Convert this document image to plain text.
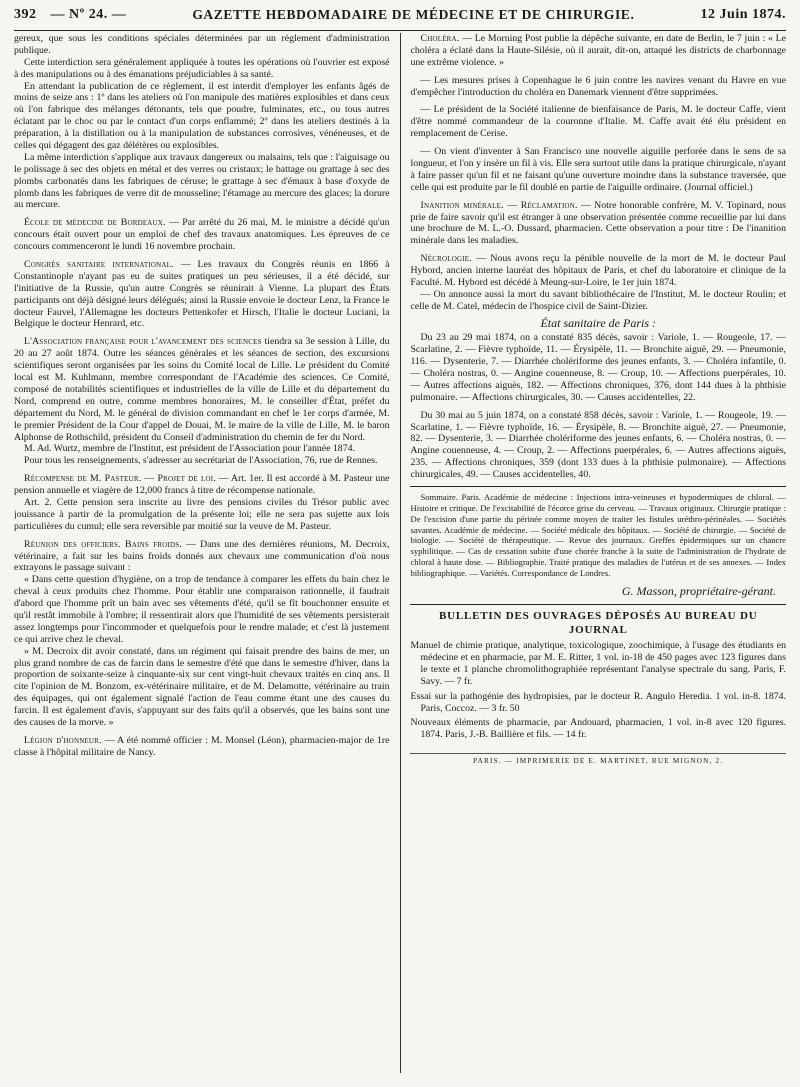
392 — Nº 24. —	GAZETTE HEBDOMADAIRE DE MÉDECINE ET DE CHIRURGIE.	12 Juin 1874.

gereux, que sous les conditions spéciales déterminées par un règlement d'administration publique.

Cette interdiction sera généralement appliquée à toutes les opérations où l'ouvrier est exposé à des manipulations ou à des émanations préjudiciables à sa santé.

En attendant la publication de ce règlement, il est interdit d'employer les enfants âgés de moins de seize ans : 1º dans les ateliers où l'on manipule des matières explosibles et dans ceux où l'on fabrique des mélanges détonants, tels que poudre, fulminates, etc., ou tous autres éclatant par le choc ou par le contact d'un corps enflammé; 2º dans les ateliers destinés à la préparation, à la distillation ou à la manipulation de substances corrosives, vénéneuses, et de celles qui dégagent des gaz délétères ou explosibles.

La même interdiction s'applique aux travaux dangereux ou malsains, tels que : l'aiguisage ou le polissage à sec des objets en métal et des verres ou cristaux; le battage ou grattage à sec des plombs carbonatés dans les fabriques de céruse; le grattage à sec d'émaux à base d'oxyde de plomb dans les fabriques de verre dit de mousseline; l'étamage au mercure des glaces; la dorure au mercure.

École de médecine de Bordeaux. — Par arrêté du 26 mai, M. le ministre a décidé qu'un concours était ouvert pour un emploi de chef des travaux anatomiques. Les épreuves de ce concours commenceront le lundi 16 novembre prochain.

Congrès sanitaire international. — Les travaux du Congrès réunis en 1866 à Constantinople n'ayant pas eu de suites pratiques un peu sérieuses, il a été décidé, sur l'initiative de la Russie, qu'un autre Congrès se réunirait à Vienne. La plupart des États participants ont déjà désigné leurs délégués; ainsi la Russie envoie le docteur Lenz, la France le docteur Fauvel, l'Allemagne les docteurs Pettenkofer et Hirsch, l'Italie le docteur Luciani, la Belgique le docteur Henrard, etc.

L'Association française pour l'avancement des sciences tiendra sa 3e session à Lille, du 20 au 27 août 1874. Outre les séances générales et les séances de section, des excursions scientifiques seront organisées par les soins du Comité local de Lille. Le président du Comité local est M. Kuhlmann, membre correspondant de l'Académie des sciences. Ce Comité, composé de notabilités scientifiques et industrielles de la ville de Lille et du département du Nord, comprend en outre, comme membres honoraires, M. le conseiller d'État, préfet du département du Nord, M. le général de division commandant en chef le 1er corps d'armée, M. le premier Président de la Cour d'appel de Douai, M. le maire de la ville de Lille, M. le baron Alphonse de Rothschild, président du Conseil d'administration du chemin de fer du Nord.

M. Ad. Wurtz, membre de l'Institut, est président de l'Association pour l'année 1874.

Pour tous les renseignements, s'adresser au secrétariat de l'Association, 76, rue de Rennes.

Récompense de M. Pasteur. — Projet de loi. — Art. 1er. Il est accordé à M. Pasteur une pension annuelle et viagère de 12,000 francs à titre de récompense nationale.

Art. 2. Cette pension sera inscrite au livre des pensions civiles du Trésor public avec jouissance à partir de la promulgation de la présente loi; elle ne sera pas sujette aux lois particulières du cumul; elle sera reversible par moitié sur la veuve de M. Pasteur.

Réunion des officiers. Bains froids. — Dans une des dernières réunions, M. Decroix, vétérinaire, a fait sur les bains froids donnés aux chevaux une communication d'où nous extrayons le passage suivant :

« Dans cette question d'hygiène, on a trop de tendance à comparer les effets du bain chez le cheval à ceux produits chez l'homme. Pour établir une comparaison rationnelle, il faudrait d'abord que l'homme prît un bain avec ses vêtements d'été, qu'il se fît bouchonner ensuite et qu'il restât immobile à l'ombre; il ressentirait alors que l'humidité de ses vêtements persisterait assez longtemps pour l'incommoder et quelquefois pour le rendre malade; et c'est là justement ce qui arrive chez le cheval.

» M. Decroix dit avoir constaté, dans un régiment qui faisait prendre des bains de mer, un plus grand nombre de cas de farcin dans le semestre d'été que dans le semestre d'hiver, dans la proportion de soixante-seize à cinquante-six sur cent vingt-huit chevaux traités en cinq ans. Il cite l'opinion de M. Bonzom, ex-vétérinaire militaire, et de M. Delamotte, vétérinaire au train des équipages, qui ont également signalé l'action de l'eau comme étant une des causes du farcin. Il est également d'avis, s'appuyant sur des faits qu'il a observés, que les bains sont une des causes de la morve. »

Légion d'honneur. — A été nommé officier : M. Monsel (Léon), pharmacien-major de 1re classe à l'hôpital militaire de Nancy.

Choléra. — Le Morning Post publie la dépêche suivante, en date de Berlin, le 7 juin : « Le choléra a éclaté dans la Haute-Silésie, où il aurait, dit-on, attaqué les districts de charbonnage une extrême violence. »

— Les mesures prises à Copenhague le 6 juin contre les navires venant du Havre en vue d'empêcher l'introduction du choléra en Danemark viennent d'être supprimées.

— Le président de la Société italienne de bienfaisance de Paris, M. le docteur Caffe, vient d'être nommé commandeur de la couronne d'Italie. M. Caffe avait été élu président en remplacement de Cerise.

— On vient d'inventer à San Francisco une nouvelle aiguille perforée dans le sens de sa longueur, et l'on y insère un fil à vis. Elle sera surtout utile dans la pratique chirurgicale, n'ayant à faire passer qu'un fil et ne faisant qu'une ouverture moindre dans la substance traversée, que celle qui est produite par le fil doublé en partie de l'aiguille ordinaire. (Journal officiel.)

Inanition minérale. — Réclamation. — Notre honorable confrère, M. V. Topinard, nous prie de faire savoir qu'il est étranger à une observation présentée comme recueillie par lui dans une brochure de M. L.-O. Dussard, pharmacien. Cette observation a pour titre : De l'inanition minérale dans les maladies.

Nécrologie. — Nous avons reçu la pénible nouvelle de la mort de M. le docteur Paul Hybord, ancien interne lauréat des hôpitaux de Paris, et chef du laboratoire et clinique de la Faculté. M. Hybord est décédé à Meung-sur-Loire, le 1er juin 1874.

— On annonce aussi la mort du savant bibliothécaire de l'Institut, M. le docteur Roulin; et celle de M. Catel, médecin de l'hospice civil de Saint-Dizier.

État sanitaire de Paris :

Du 23 au 29 mai 1874, on a constaté 835 décès, savoir : Variole, 1. — Rougeole, 17. — Scarlatine, 2. — Fièvre typhoïde, 11. — Érysipèle, 11. — Bronchite aiguë, 29. — Pneumonie, 116. — Dysenterie, 7. — Diarrhée cholériforme des jeunes enfants, 3. — Choléra infantile, 0. — Choléra nostras, 0. — Angine couenneuse, 8. — Croup, 10. — Affections puerpérales, 10. — Autres affections aiguës, 182. — Affections chroniques, 376, dont 144 dues à la phthisie pulmonaire. — Affections chirurgicales, 30. — Causes accidentelles, 22.

Du 30 mai au 5 juin 1874, on a constaté 858 décès, savoir : Variole, 1. — Rougeole, 19. — Scarlatine, 1. — Fièvre typhoïde, 16. — Érysipèle, 8. — Bronchite aiguë, 27. — Pneumonie, 82. — Dysenterie, 3. — Diarrhée cholériforme des jeunes enfants, 6. — Choléra nostras, 0. — Angine couenneuse, 4. — Croup, 2. — Affections puerpérales, 6. — Autres affections aiguës, 235. — Affections chroniques, 359 (dont 133 dues à la phthisie pulmonaire). — Affections chirurgicales, 49. — Causes accidentelles, 40.

Sommaire. Paris. Académie de médecine : Injections intra-veineuses et hypodermiques de chloral. — Histoire et critique. De l'excitabilité de l'écorce grise du cerveau. — Travaux originaux. Chirurgie pratique : De l'excision d'une partie du périnée comme moyen de traiter les fistules uréthro-périnéales. — Sociétés savantes. Académie de médecine. — Société médicale des hôpitaux. — Société de chirurgie. — Société de biologie. — Société de thérapeutique. — Revue des journaux. Greffes épidermiques sur un chancre syphilitique. — Cas de cessation subite d'une chorée franche à la suite de l'administration de l'hydrate de chloral à haute dose. — Bibliographie. Traité pratique des maladies de l'utérus et de ses annexes. — Index bibliographique. — Variétés. Correspondance de Londres.

G. Masson, propriétaire-gérant.
BULLETIN DES OUVRAGES DÉPOSÉS AU BUREAU DU JOURNAL

Manuel de chimie pratique, analytique, toxicologique, zoochimique, à l'usage des étudiants en médecine et en pharmacie, par M. E. Ritter, 1 vol. in-18 de 450 pages avec 123 figures dans le texte et 1 planche chromolithographiée représentant l'analyse spectrale du sang. Paris, F. Savy. — 7 fr.

Essai sur la pathogénie des hydropisies, par le docteur R. Angulo Heredia. 1 vol. in-8. 1874. Paris, Coccoz. — 3 fr. 50

Nouveaux éléments de pharmacie, par Andouard, pharmacien, 1 vol. in-8 avec 120 figures. 1874. Paris, J.-B. Baillière et fils. — 14 fr.

PARIS. — IMPRIMERIE DE E. MARTINET, RUE MIGNON, 2.
